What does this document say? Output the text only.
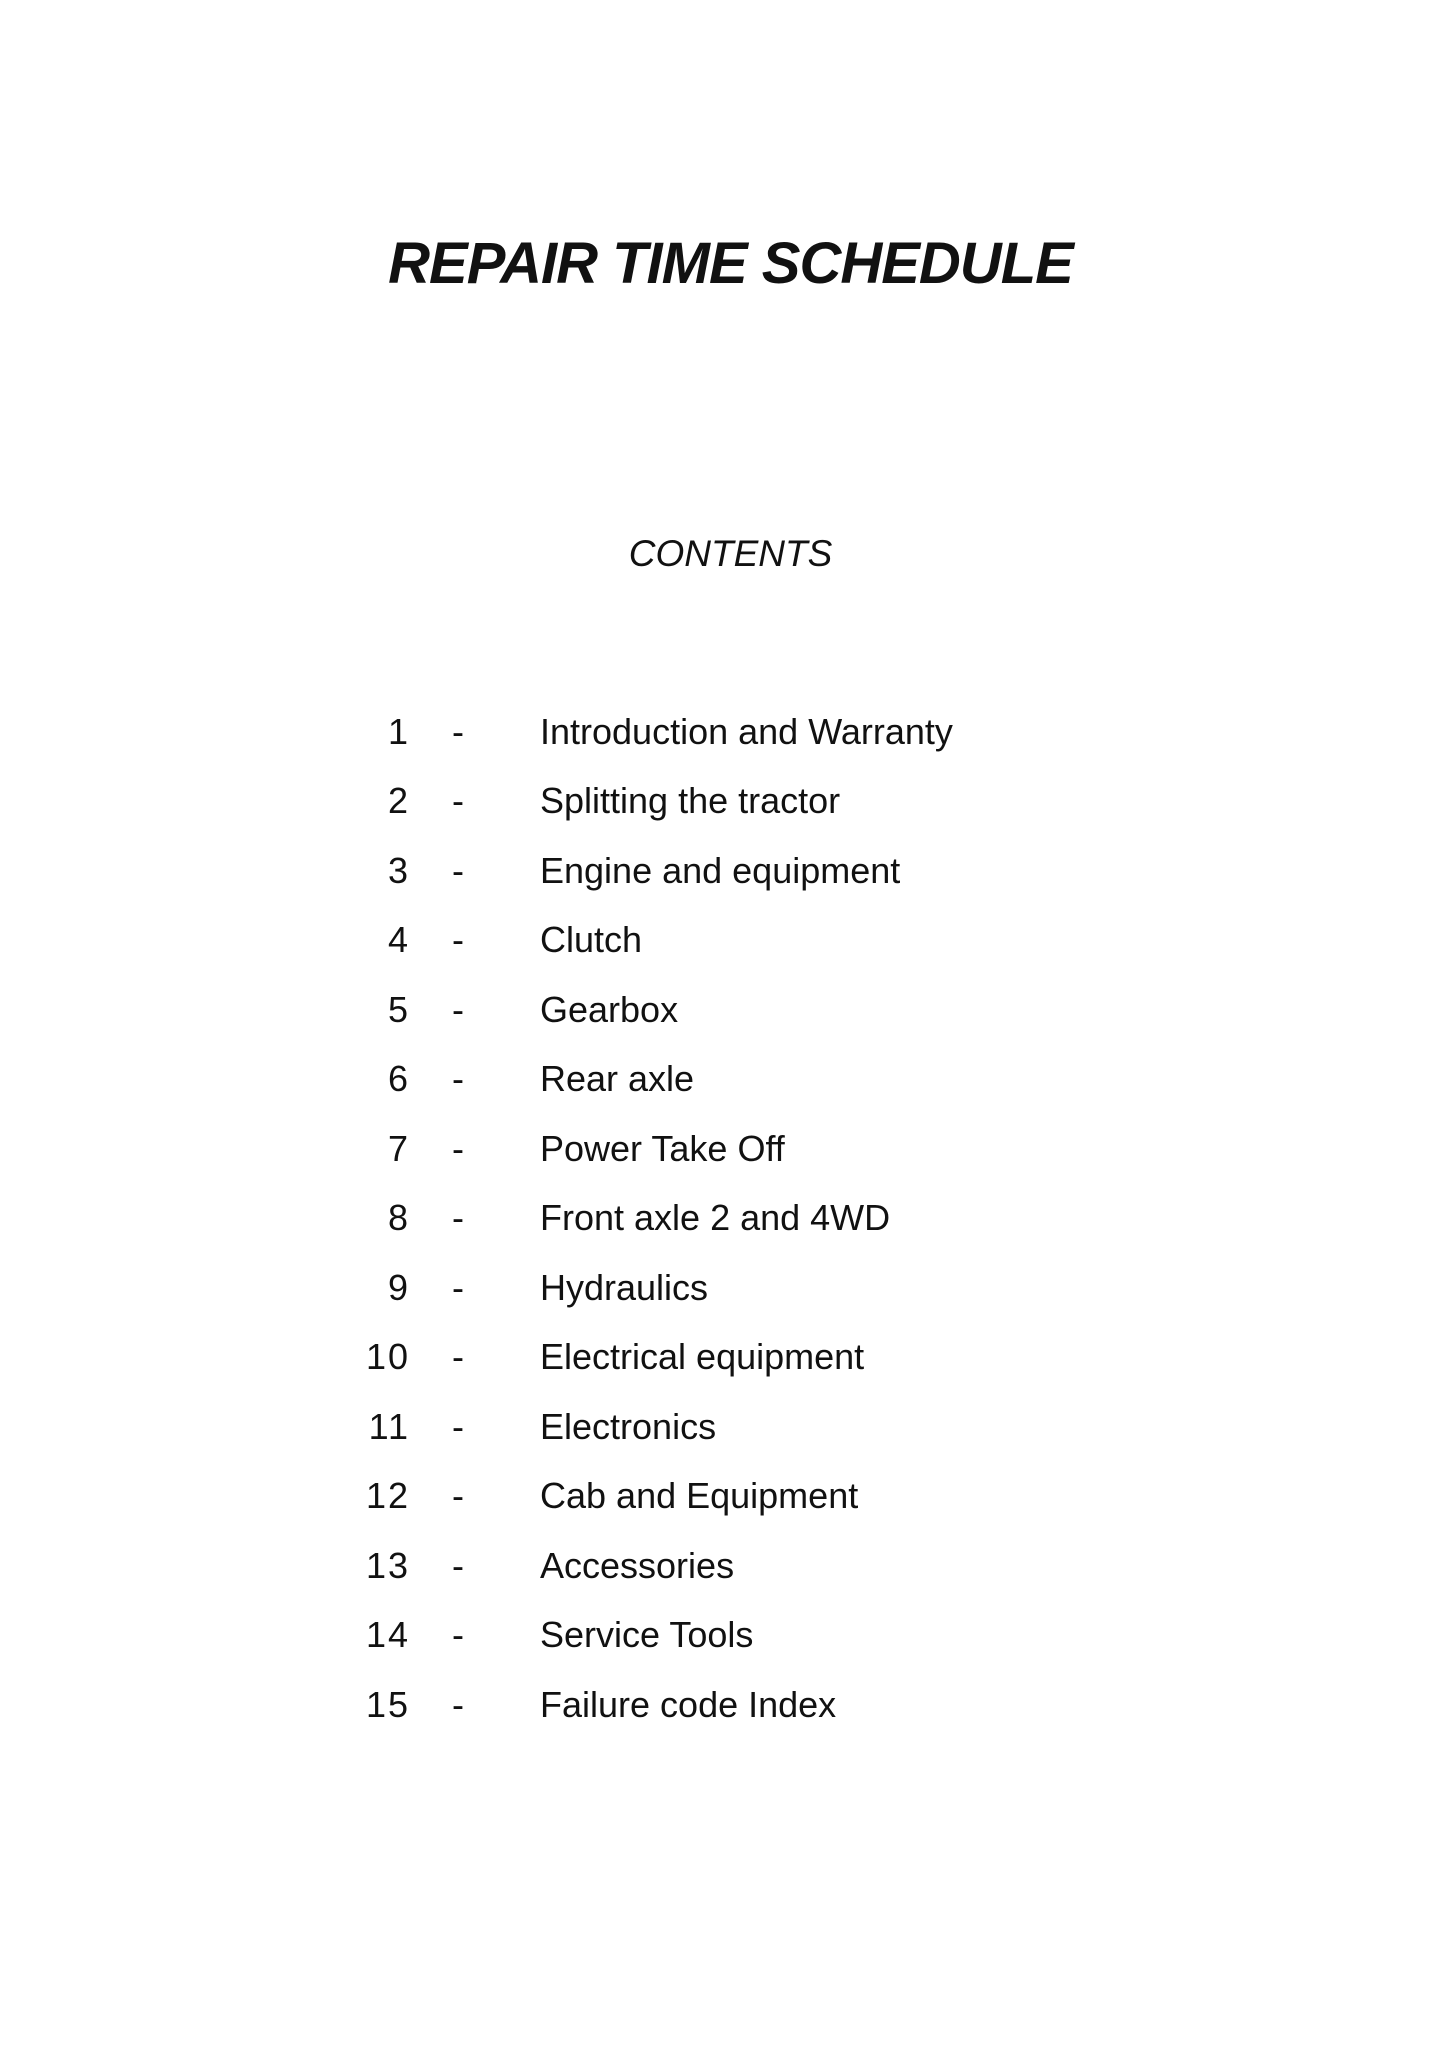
REPAIR TIME SCHEDULE
CONTENTS
1 -	Introduction and Warranty
2 -	Splitting the tractor
3 -	Engine and equipment
4 -	Clutch
5 -	Gearbox
6 -	Rear axle
7 -	Power Take Off
8 -	Front axle 2 and 4WD
9 -	Hydraulics
10 -	Electrical equipment
11 -	Electronics
12 -	Cab and Equipment
13 -	Accessories
14 -	Service Tools
15 -	Failure code Index
